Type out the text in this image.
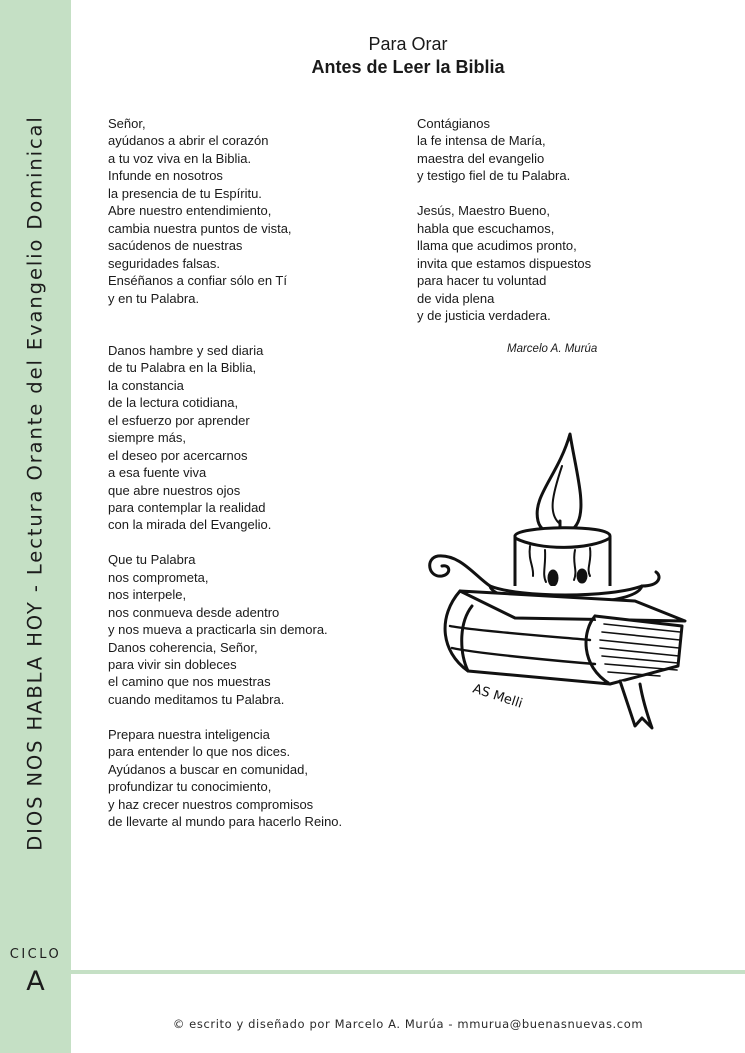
DIOS NOS HABLA HOY - Lectura Orante del Evangelio Dominical
CICLO
A
Para Orar
Antes de Leer la Biblia
Señor,
ayúdanos a abrir el corazón
a tu voz viva en la Biblia.
Infunde en nosotros
la presencia de tu Espíritu.
Abre nuestro entendimiento,
cambia nuestra puntos de vista,
sacúdenos de nuestras
seguridades falsas.
Enséñanos a confiar sólo en Tí
y en tu Palabra.
Danos hambre y sed diaria
de tu Palabra en la Biblia,
la constancia
de la lectura cotidiana,
el esfuerzo por aprender
siempre más,
el deseo por acercarnos
a esa fuente viva
que abre nuestros ojos
para contemplar la realidad
con la mirada del Evangelio.
Que tu Palabra
nos comprometa,
nos interpele,
nos conmueva desde adentro
y nos mueva a practicarla sin demora.
Danos coherencia, Señor,
para vivir sin dobleces
el camino que nos muestras
cuando meditamos tu Palabra.
Prepara nuestra inteligencia
para entender lo que nos dices.
Ayúdanos a buscar en comunidad,
profundizar tu conocimiento,
y haz crecer nuestros compromisos
de llevarte al mundo para hacerlo Reino.
Contágianos
la fe intensa de María,
maestra del evangelio
y testigo fiel de tu Palabra.
Jesús, Maestro Bueno,
habla que escuchamos,
llama que acudimos pronto,
invita que estamos dispuestos
para hacer tu voluntad
de vida plena
y de justicia verdadera.
Marcelo A. Murúa
AS Melli
© escrito y diseñado por Marcelo A. Murúa - mmurua@buenasnuevas.com
